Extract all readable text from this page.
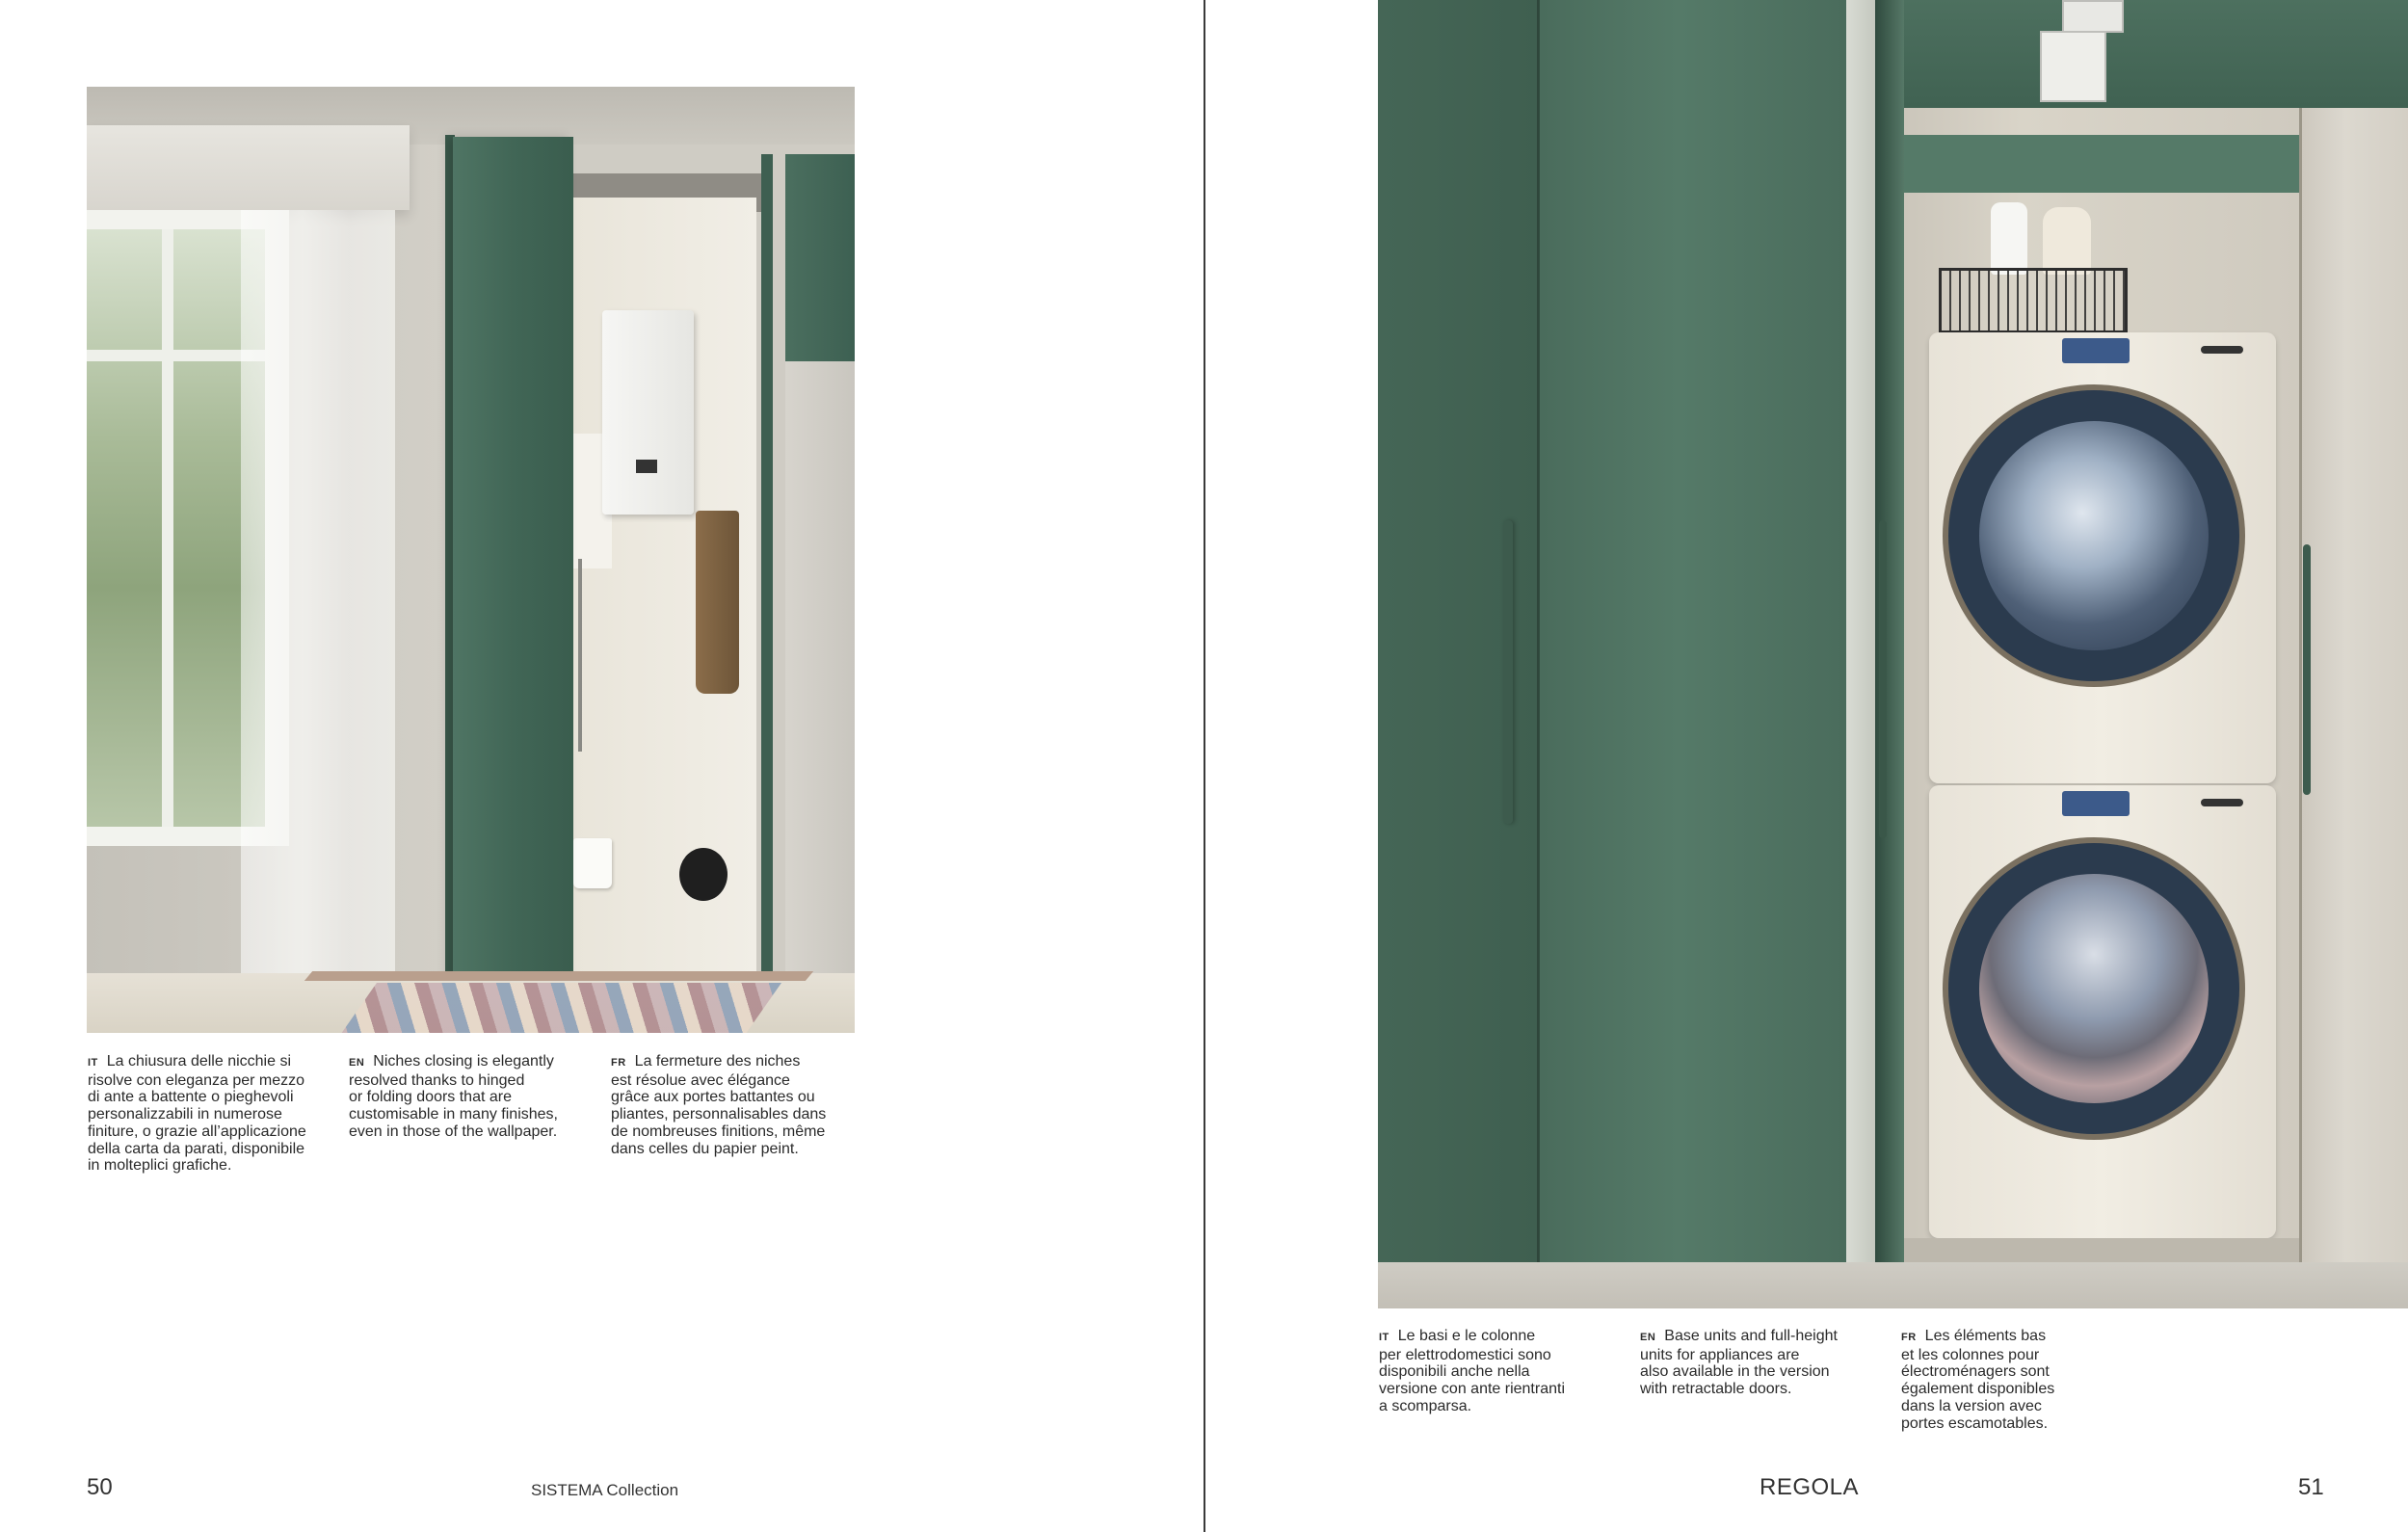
IT La chiusura delle nicchie si
risolve con eleganza per mezzo
di ante a battente o pieghevoli
personalizzabili in numerose
finiture, o grazie all’applicazione
della carta da parati, disponibile
in molteplici grafiche.
EN Niches closing is elegantly
resolved thanks to hinged
or folding doors that are
customisable in many finishes,
even in those of the wallpaper.
FR La fermeture des niches
est résolue avec élégance
grâce aux portes battantes ou
pliantes, personnalisables dans
de nombreuses finitions, même
dans celles du papier peint.
50	SISTEMA Collection
IT Le basi e le colonne
per elettrodomestici sono
disponibili anche nella
versione con ante rientranti
a scomparsa.
EN Base units and full-height
units for appliances are
also available in the version
with retractable doors.
FR Les éléments bas
et les colonnes pour
électroménagers sont
également disponibles
dans la version avec
portes escamotables.
REGOLA	51
